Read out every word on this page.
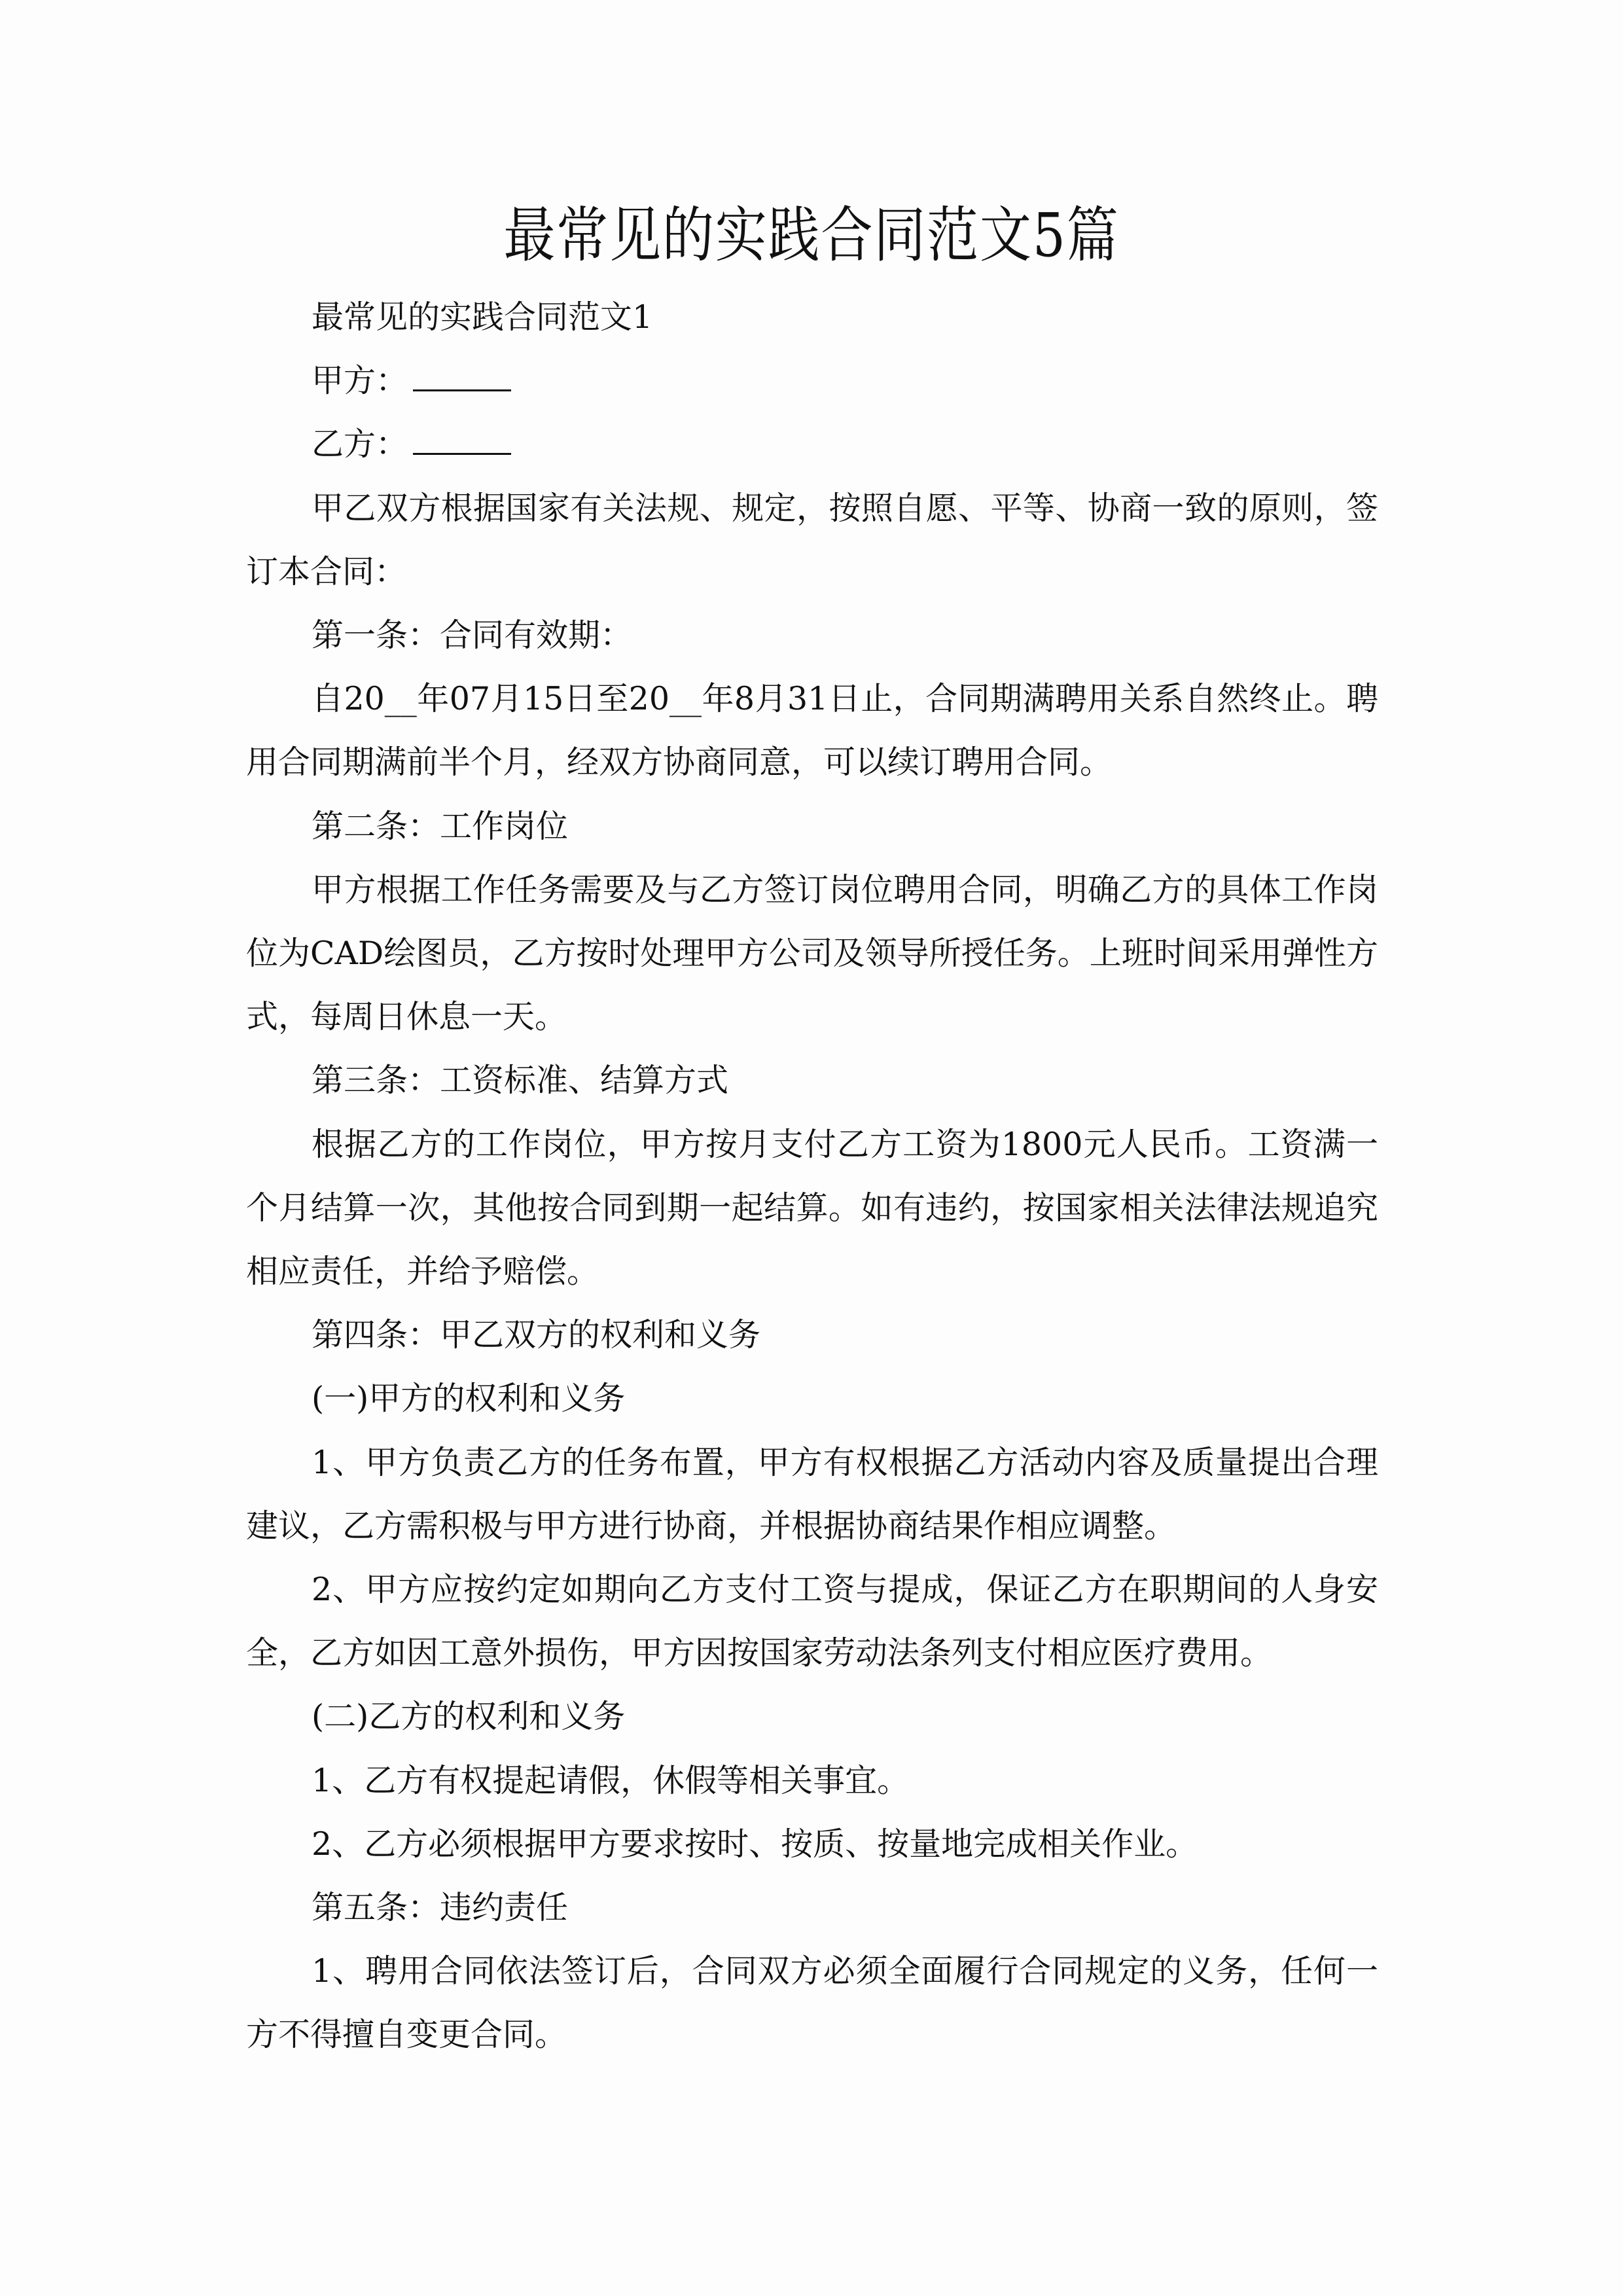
最常见的实践合同范文5篇

最常见的实践合同范文1

甲方：

乙方：

甲乙双方根据国家有关法规、规定，按照自愿、平等、协商一致的原则，签订本合同：

第一条：合同有效期：

自20__年07月15日至20__年8月31日止，合同期满聘用关系自然终止。聘用合同期满前半个月，经双方协商同意，可以续订聘用合同。

第二条：工作岗位

甲方根据工作任务需要及与乙方签订岗位聘用合同，明确乙方的具体工作岗位为CAD绘图员，乙方按时处理甲方公司及领导所授任务。上班时间采用弹性方式，每周日休息一天。

第三条：工资标准、结算方式

根据乙方的工作岗位，甲方按月支付乙方工资为1800元人民币。工资满一个月结算一次，其他按合同到期一起结算。如有违约，按国家相关法律法规追究相应责任，并给予赔偿。

第四条：甲乙双方的权利和义务

(一)甲方的权利和义务

1、甲方负责乙方的任务布置，甲方有权根据乙方活动内容及质量提出合理建议，乙方需积极与甲方进行协商，并根据协商结果作相应调整。

2、甲方应按约定如期向乙方支付工资与提成，保证乙方在职期间的人身安全，乙方如因工意外损伤，甲方因按国家劳动法条列支付相应医疗费用。

(二)乙方的权利和义务

1、乙方有权提起请假，休假等相关事宜。

2、乙方必须根据甲方要求按时、按质、按量地完成相关作业。

第五条：违约责任

1、聘用合同依法签订后，合同双方必须全面履行合同规定的义务，任何一方不得擅自变更合同。
